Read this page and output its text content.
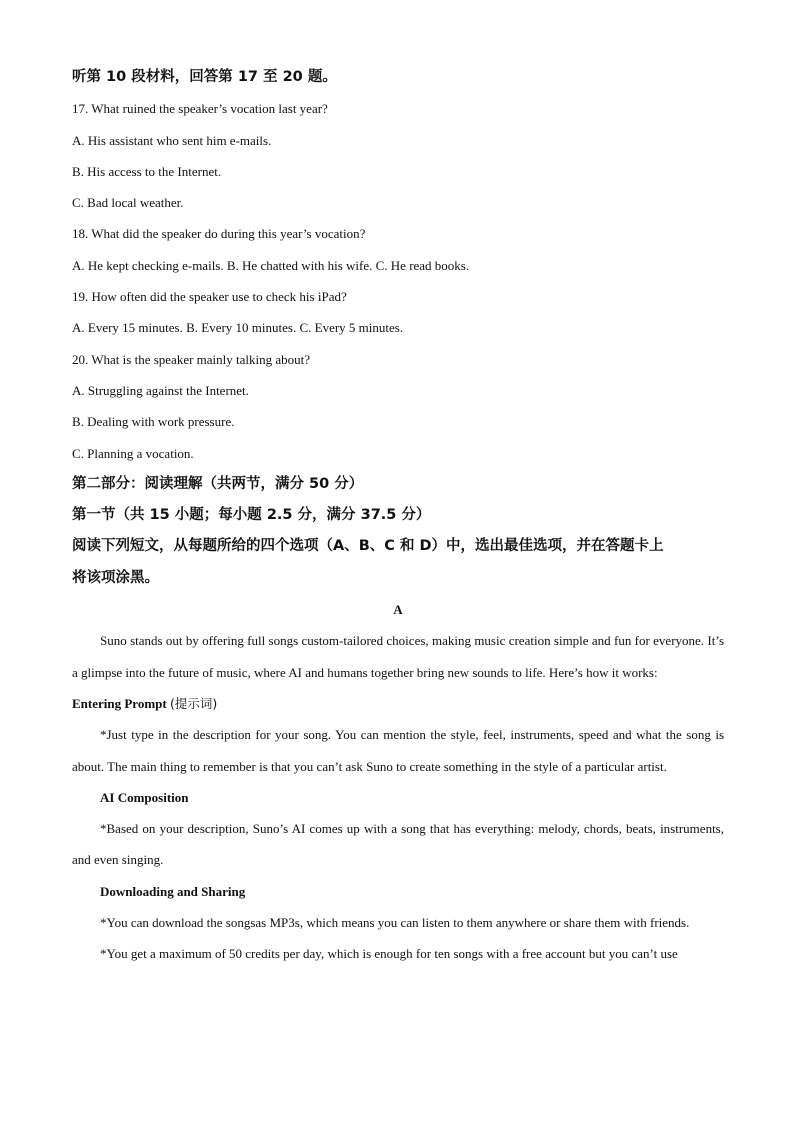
听第 10 段材料，回答第 17 至 20 题。
17. What ruined the speaker’s vocation last year?
A. His assistant who sent him e-mails.
B. His access to the Internet.
C. Bad local weather.
18. What did the speaker do during this year’s vocation?
A. He kept checking e-mails. B. He chatted with his wife. C. He read books.
19. How often did the speaker use to check his iPad?
A. Every 15 minutes. B. Every 10 minutes. C. Every 5 minutes.
20. What is the speaker mainly talking about?
A. Struggling against the Internet.
B. Dealing with work pressure.
C. Planning a vocation.
第二部分：阅读理解（共两节，满分 50 分）
第一节（共 15 小题；每小题 2.5 分，满分 37.5 分）
阅读下列短文，从每题所给的四个选项（A、B、C 和 D）中，选出最佳选项，并在答题卡上
将该项涂黑。
A

Suno stands out by offering full songs custom-tailored choices, making music creation simple and fun for everyone. It’s a glimpse into the future of music, where AI and humans together bring new sounds to life. Here’s how it works:

Entering Prompt (提示词)

*Just type in the description for your song. You can mention the style, feel, instruments, speed and what the song is about. The main thing to remember is that you can’t ask Suno to create something in the style of a particular artist.

AI Composition

*Based on your description, Suno’s AI comes up with a song that has everything: melody, chords, beats, instruments, and even singing.

Downloading and Sharing

*You can download the songsas MP3s, which means you can listen to them anywhere or share them with friends.

*You get a maximum of 50 credits per day, which is enough for ten songs with a free account but you can’t use
